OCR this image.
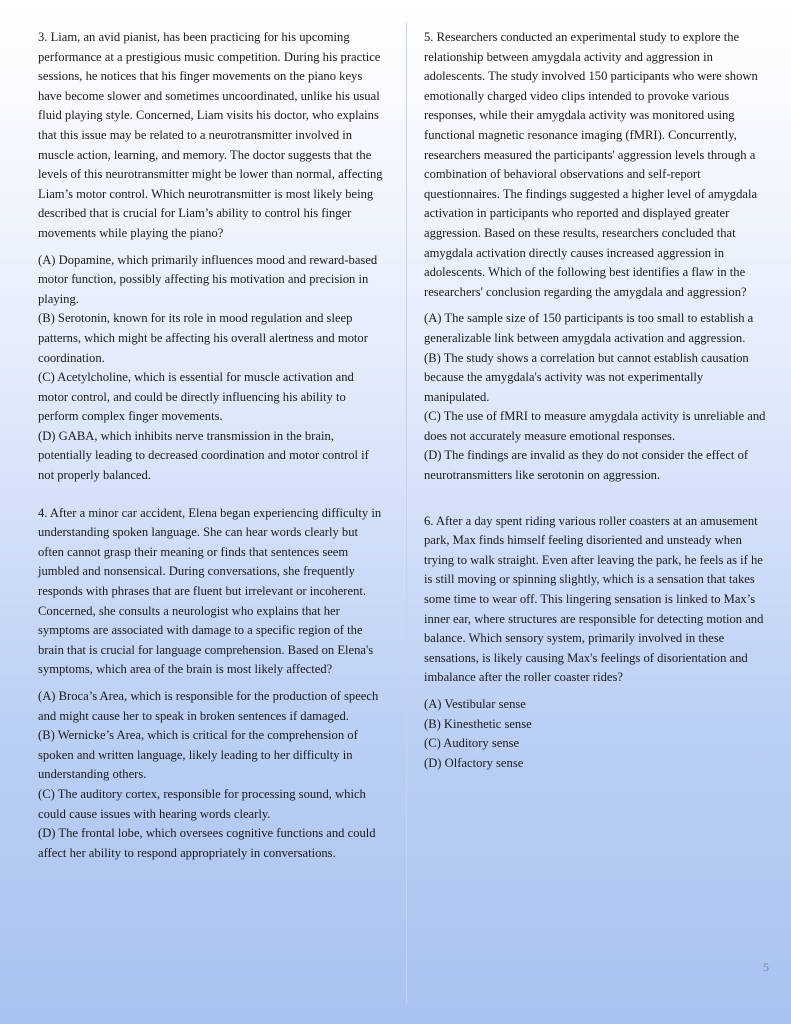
3. Liam, an avid pianist, has been practicing for his upcoming performance at a prestigious music competition. During his practice sessions, he notices that his finger movements on the piano keys have become slower and sometimes uncoordinated, unlike his usual fluid playing style. Concerned, Liam visits his doctor, who explains that this issue may be related to a neurotransmitter involved in muscle action, learning, and memory. The doctor suggests that the levels of this neurotransmitter might be lower than normal, affecting Liam’s motor control. Which neurotransmitter is most likely being described that is crucial for Liam’s ability to control his finger movements while playing the piano?

(A) Dopamine, which primarily influences mood and reward-based motor function, possibly affecting his motivation and precision in playing.

(B) Serotonin, known for its role in mood regulation and sleep patterns, which might be affecting his overall alertness and motor coordination.

(C) Acetylcholine, which is essential for muscle activation and motor control, and could be directly influencing his ability to perform complex finger movements.

(D) GABA, which inhibits nerve transmission in the brain, potentially leading to decreased coordination and motor control if not properly balanced.

4. After a minor car accident, Elena began experiencing difficulty in understanding spoken language. She can hear words clearly but often cannot grasp their meaning or finds that sentences seem jumbled and nonsensical. During conversations, she frequently responds with phrases that are fluent but irrelevant or incoherent. Concerned, she consults a neurologist who explains that her symptoms are associated with damage to a specific region of the brain that is crucial for language comprehension. Based on Elena's symptoms, which area of the brain is most likely affected?

(A) Broca’s Area, which is responsible for the production of speech and might cause her to speak in broken sentences if damaged.

(B) Wernicke’s Area, which is critical for the comprehension of spoken and written language, likely leading to her difficulty in understanding others.

(C) The auditory cortex, responsible for processing sound, which could cause issues with hearing words clearly.

(D) The frontal lobe, which oversees cognitive functions and could affect her ability to respond appropriately in conversations.

5. Researchers conducted an experimental study to explore the relationship between amygdala activity and aggression in adolescents. The study involved 150 participants who were shown emotionally charged video clips intended to provoke various responses, while their amygdala activity was monitored using functional magnetic resonance imaging (fMRI). Concurrently, researchers measured the participants' aggression levels through a combination of behavioral observations and self-report questionnaires. The findings suggested a higher level of amygdala activation in participants who reported and displayed greater aggression. Based on these results, researchers concluded that amygdala activation directly causes increased aggression in adolescents. Which of the following best identifies a flaw in the researchers' conclusion regarding the amygdala and aggression?

(A) The sample size of 150 participants is too small to establish a generalizable link between amygdala activation and aggression.

(B) The study shows a correlation but cannot establish causation because the amygdala's activity was not experimentally manipulated.

(C) The use of fMRI to measure amygdala activity is unreliable and does not accurately measure emotional responses.

(D) The findings are invalid as they do not consider the effect of neurotransmitters like serotonin on aggression.

6. After a day spent riding various roller coasters at an amusement park, Max finds himself feeling disoriented and unsteady when trying to walk straight. Even after leaving the park, he feels as if he is still moving or spinning slightly, which is a sensation that takes some time to wear off. This lingering sensation is linked to Max’s inner ear, where structures are responsible for detecting motion and balance. Which sensory system, primarily involved in these sensations, is likely causing Max's feelings of disorientation and imbalance after the roller coaster rides?

(A) Vestibular sense

(B) Kinesthetic sense

(C) Auditory sense

(D) Olfactory sense

5
